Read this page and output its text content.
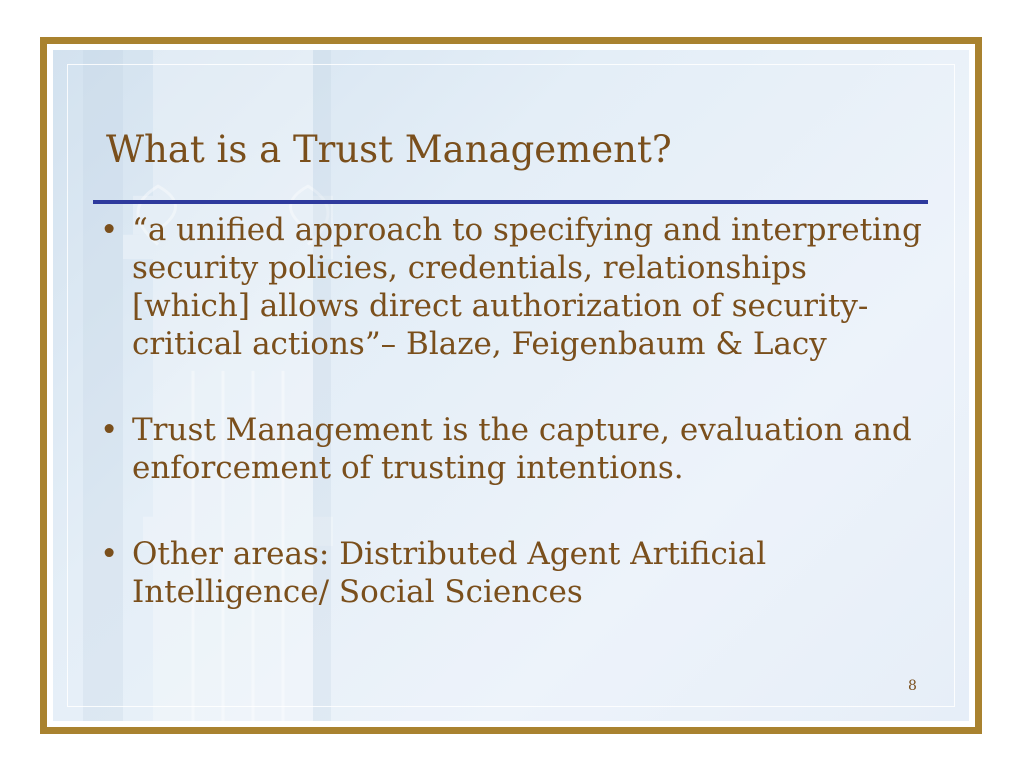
What is a Trust Management?
• “a unified approach to specifying and interpreting security policies, credentials, relationships [which] allows direct authorization of security-critical actions”– Blaze, Feigenbaum & Lacy
• Trust Management is the capture, evaluation and enforcement of trusting intentions.
• Other areas: Distributed Agent Artificial Intelligence/ Social Sciences
8
